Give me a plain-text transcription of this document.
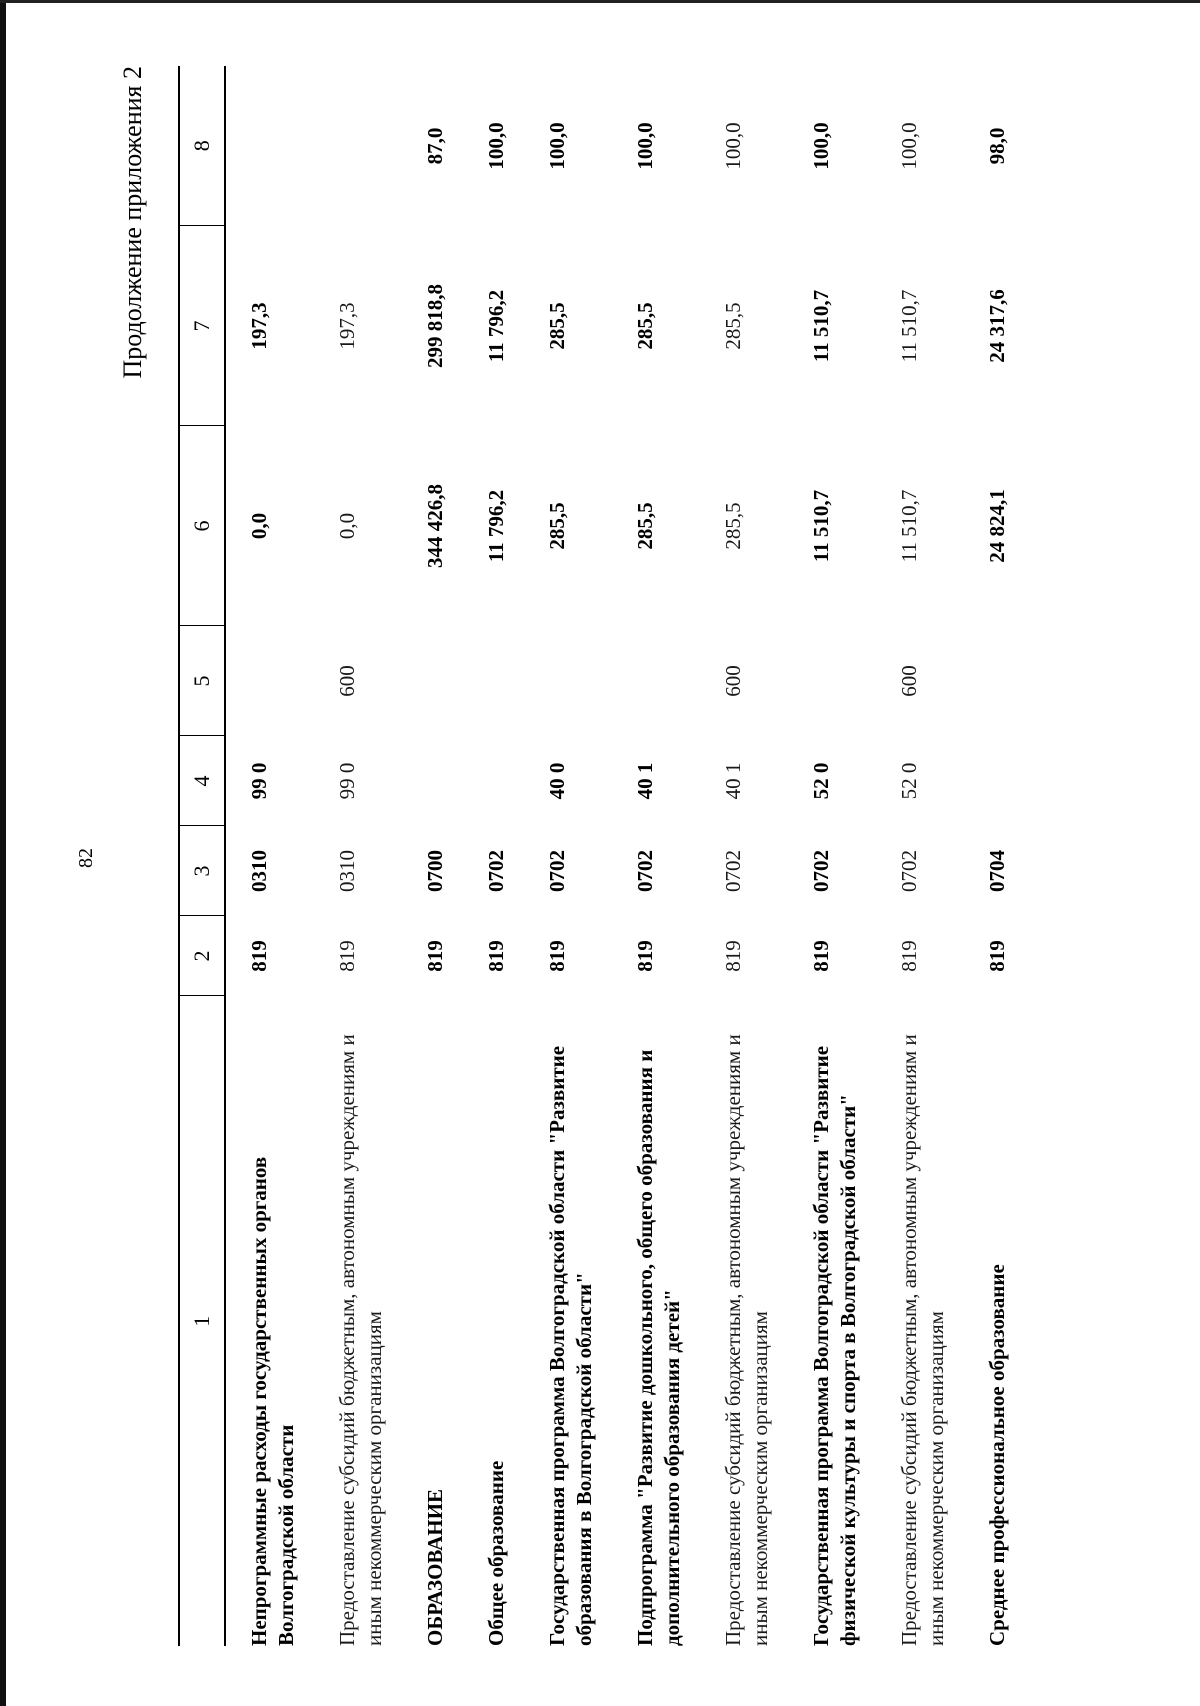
82
Продолжение приложения 2
1	2	3	4	5	6	7	8
Непрограммные расходы государственных органов Волгоградской области	819	0310	99 0		0,0	197,3	
Предоставление субсидий бюджетным, автономным учреждениям и иным некоммерческим организациям	819	0310	99 0	600	0,0	197,3	
ОБРАЗОВАНИЕ	819	0700			344 426,8	299 818,8	87,0
Общее образование	819	0702			11 796,2	11 796,2	100,0
Государственная программа Волгоградской области "Развитие образования в Волгоградской области"	819	0702	40 0		285,5	285,5	100,0
Подпрограмма "Развитие дошкольного, общего образования и дополнительного образования детей"	819	0702	40 1		285,5	285,5	100,0
Предоставление субсидий бюджетным, автономным учреждениям и иным некоммерческим организациям	819	0702	40 1	600	285,5	285,5	100,0
Государственная программа Волгоградской области "Развитие физической культуры и спорта в Волгоградской области"	819	0702	52 0		11 510,7	11 510,7	100,0
Предоставление субсидий бюджетным, автономным учреждениям и иным некоммерческим организациям	819	0702	52 0	600	11 510,7	11 510,7	100,0
Среднее профессиональное образование	819	0704			24 824,1	24 317,6	98,0
